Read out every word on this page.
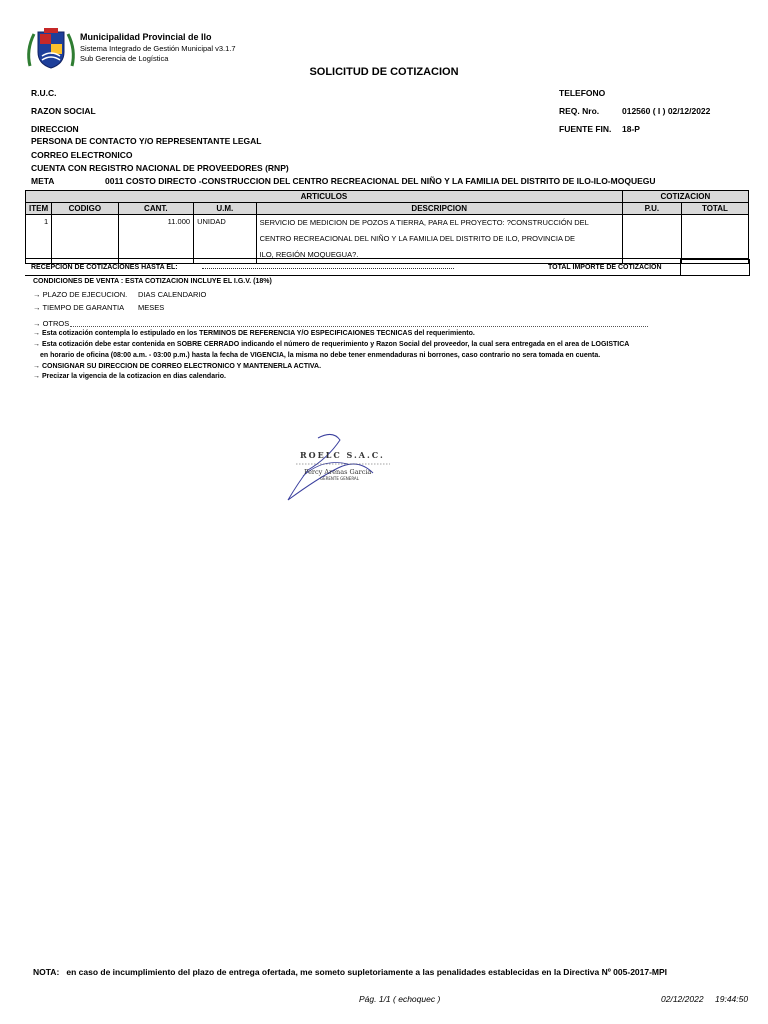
Municipalidad Provincial de Ilo
Sistema Integrado de Gestión Municipal v3.1.7
Sub Gerencia de Logística
SOLICITUD DE COTIZACION
R.U.C.
RAZON SOCIAL
DIRECCION
PERSONA DE CONTACTO Y/O REPRESENTANTE LEGAL
CORREO ELECTRONICO
CUENTA CON REGISTRO NACIONAL DE PROVEEDORES (RNP)
META	0011 COSTO DIRECTO -CONSTRUCCION DEL CENTRO RECREACIONAL DEL NIÑO Y LA FAMILIA DEL DISTRITO DE ILO-ILO-MOQUEGU
TELEFONO
REQ. Nro.	012560 ( I ) 02/12/2022
FUENTE FIN. 18-P
ARTICULOS					COTIZACION	
ITEM	CODIGO	CANT.	U.M.	DESCRIPCION	P.U.	TOTAL
1		11.000	UNIDAD	SERVICIO DE MEDICION DE POZOS A TIERRA, PARA EL PROYECTO: ?CONSTRUCCIÓN DEL
CENTRO RECREACIONAL DEL NIÑO Y LA FAMILIA DEL DISTRITO DE ILO, PROVINCIA DE
ILO, REGIÓN MOQUEGUA?.		

RECEPCION DE COTIZACIONES HASTA EL:	TOTAL IMPORTE DE COTIZACION
CONDICIONES DE VENTA : ESTA COTIZACION INCLUYE EL I.G.V. (18%)
→ PLAZO DE EJECUCION. DIAS CALENDARIO
→ TIEMPO DE GARANTIA MESES
→ OTROS
→ Esta cotización contempla lo estipulado en los TERMINOS DE REFERENCIA Y/O ESPECIFICAIONES TECNICAS del requerimiento.
→ Esta cotización debe estar contenida en SOBRE CERRADO indicando el número de requerimiento y Razon Social del proveedor, la cual sera entregada en el area de LOGISTICA
en horario de oficina (08:00 a.m. - 03:00 p.m.) hasta la fecha de VIGENCIA, la misma no debe tener enmendaduras ni borrones, caso contrario no sera tomada en cuenta.
→ CONSIGNAR SU DIRECCION DE CORREO ELECTRONICO Y MANTENERLA ACTIVA.
→ Precizar la vigencia de la cotizacion en dias calendario.
ROELC S.A.C.
Percy Arenas Garcia
GERENTE GENERAL
NOTA: en caso de incumplimiento del plazo de entrega ofertada, me someto supletoriamente a las penalidades establecidas en la Directiva Nº 005-2017-MPI
Pág. 1/1 ( echoquec )	02/12/2022 19:44:50
